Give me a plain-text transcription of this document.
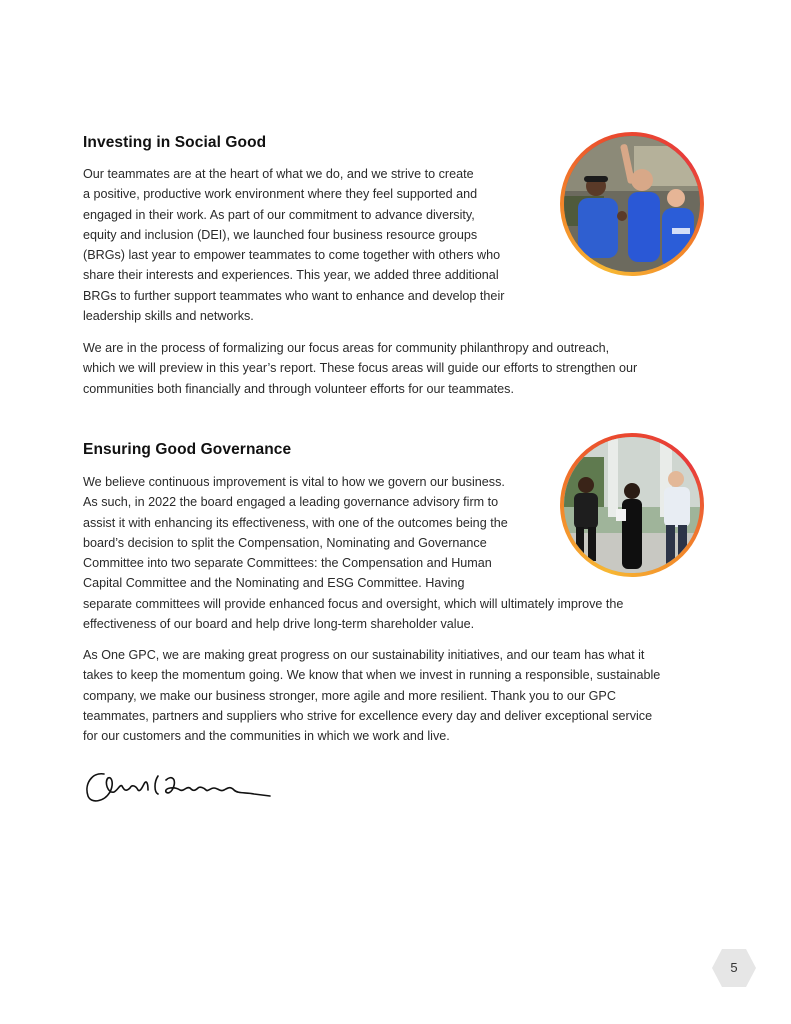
Investing in Social Good

Our teammates are at the heart of what we do, and we strive to create
a positive, productive work environment where they feel supported and
engaged in their work. As part of our commitment to advance diversity,
equity and inclusion (DEI), we launched four business resource groups
(BRGs) last year to empower teammates to come together with others who
share their interests and experiences. This year, we added three additional
BRGs to further support teammates who want to enhance and develop their
leadership skills and networks.

We are in the process of formalizing our focus areas for community philanthropy and outreach,
which we will preview in this year’s report. These focus areas will guide our efforts to strengthen our
communities both financially and through volunteer efforts for our teammates.

Ensuring Good Governance

We believe continuous improvement is vital to how we govern our business.
As such, in 2022 the board engaged a leading governance advisory firm to
assist it with enhancing its effectiveness, with one of the outcomes being the
board’s decision to split the Compensation, Nominating and Governance
Committee into two separate Committees: the Compensation and Human
Capital Committee and the Nominating and ESG Committee. Having
separate committees will provide enhanced focus and oversight, which will ultimately improve the
effectiveness of our board and help drive long-term shareholder value.

As One GPC, we are making great progress on our sustainability initiatives, and our team has what it
takes to keep the momentum going. We know that when we invest in running a responsible, sustainable
company, we make our business stronger, more agile and more resilient. Thank you to our GPC
teammates, partners and suppliers who strive for excellence every day and deliver exceptional service
for our customers and the communities in which we work and live.

5
